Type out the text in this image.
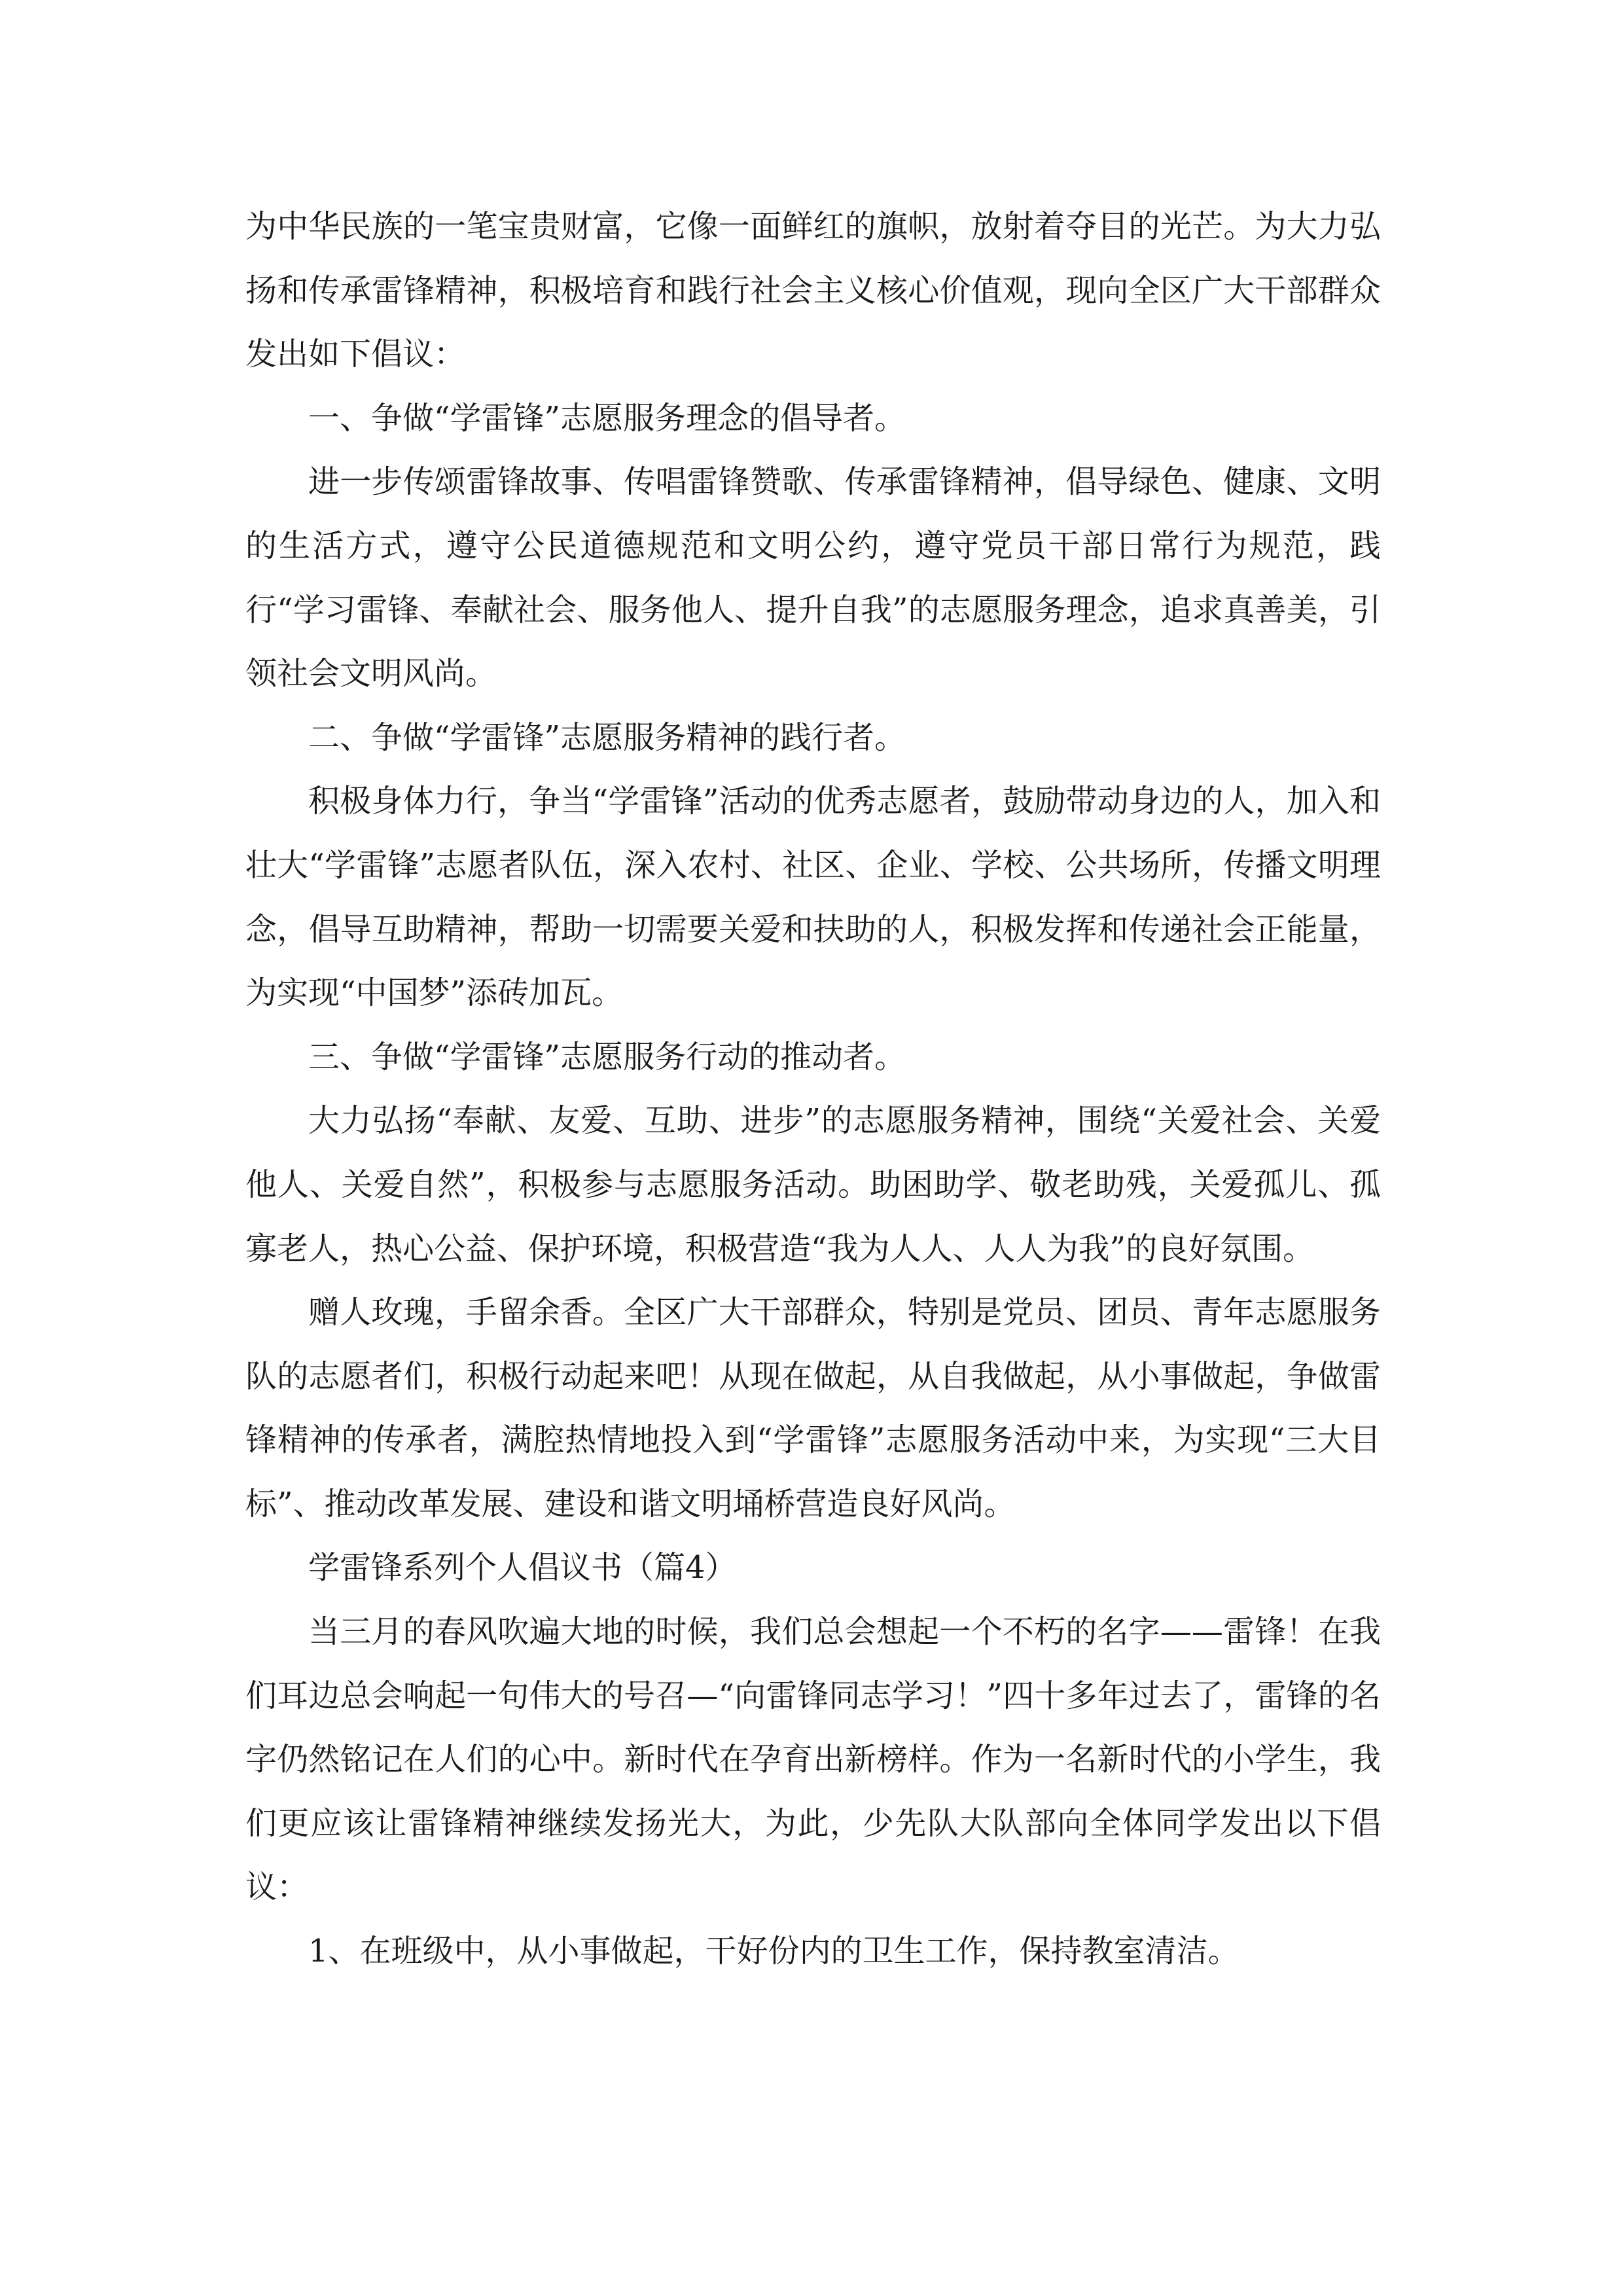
为中华民族的一笔宝贵财富，它像一面鲜红的旗帜，放射着夺目的光芒。为大力弘扬和传承雷锋精神，积极培育和践行社会主义核心价值观，现向全区广大干部群众发出如下倡议：

一、争做“学雷锋”志愿服务理念的倡导者。

进一步传颂雷锋故事、传唱雷锋赞歌、传承雷锋精神，倡导绿色、健康、文明的生活方式，遵守公民道德规范和文明公约，遵守党员干部日常行为规范，践行“学习雷锋、奉献社会、服务他人、提升自我”的志愿服务理念，追求真善美，引领社会文明风尚。

二、争做“学雷锋”志愿服务精神的践行者。

积极身体力行，争当“学雷锋”活动的优秀志愿者，鼓励带动身边的人，加入和壮大“学雷锋”志愿者队伍，深入农村、社区、企业、学校、公共场所，传播文明理念，倡导互助精神，帮助一切需要关爱和扶助的人，积极发挥和传递社会正能量，为实现“中国梦”添砖加瓦。

三、争做“学雷锋”志愿服务行动的推动者。

大力弘扬“奉献、友爱、互助、进步”的志愿服务精神，围绕“关爱社会、关爱他人、关爱自然”，积极参与志愿服务活动。助困助学、敬老助残，关爱孤儿、孤寡老人，热心公益、保护环境，积极营造“我为人人、人人为我”的良好氛围。

赠人玫瑰，手留余香。全区广大干部群众，特别是党员、团员、青年志愿服务队的志愿者们，积极行动起来吧！从现在做起，从自我做起，从小事做起，争做雷锋精神的传承者，满腔热情地投入到“学雷锋”志愿服务活动中来，为实现“三大目标”、推动改革发展、建设和谐文明埇桥营造良好风尚。

学雷锋系列个人倡议书（篇4）

当三月的春风吹遍大地的时候，我们总会想起一个不朽的名字——雷锋！在我们耳边总会响起一句伟大的号召—“向雷锋同志学习！”四十多年过去了，雷锋的名字仍然铭记在人们的心中。新时代在孕育出新榜样。作为一名新时代的小学生，我们更应该让雷锋精神继续发扬光大，为此，少先队大队部向全体同学发出以下倡议：

1、在班级中，从小事做起，干好份内的卫生工作，保持教室清洁。
